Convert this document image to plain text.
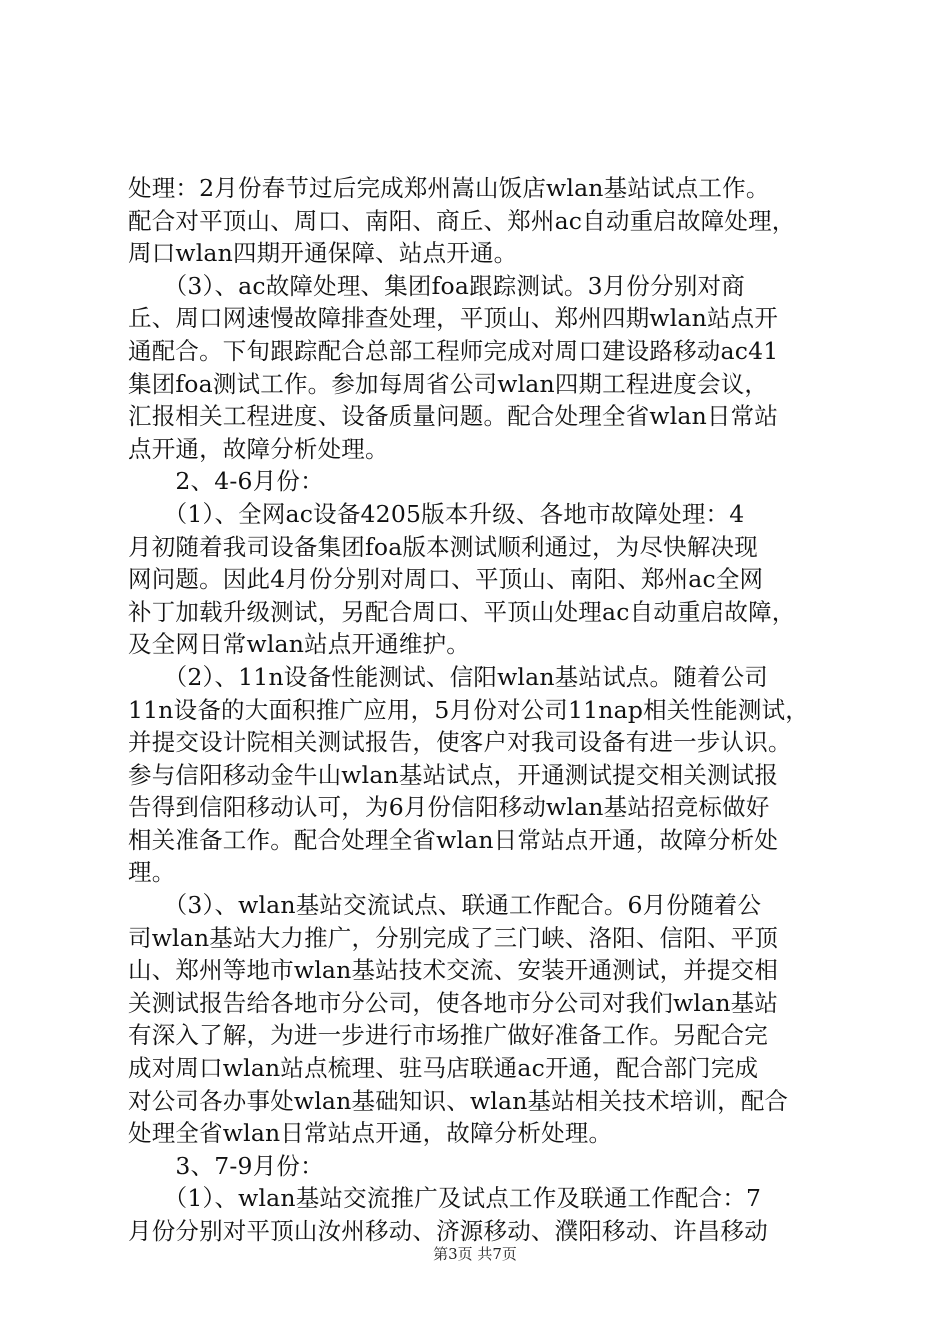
处理：2月份春节过后完成郑州嵩山饭店wlan基站试点工作。
配合对平顶山、周口、南阳、商丘、郑州ac自动重启故障处理，
周口wlan四期开通保障、站点开通。
　　（3）、ac故障处理、集团foa跟踪测试。3月份分别对商
丘、周口网速慢故障排查处理，平顶山、郑州四期wlan站点开
通配合。下旬跟踪配合总部工程师完成对周口建设路移动ac41
集团foa测试工作。参加每周省公司wlan四期工程进度会议，
汇报相关工程进度、设备质量问题。配合处理全省wlan日常站
点开通，故障分析处理。
　　2、4-6月份：
　　（1）、全网ac设备4205版本升级、各地市故障处理：4
月初随着我司设备集团foa版本测试顺利通过，为尽快解决现
网问题。因此4月份分别对周口、平顶山、南阳、郑州ac全网
补丁加载升级测试，另配合周口、平顶山处理ac自动重启故障，
及全网日常wlan站点开通维护。
　　（2）、11n设备性能测试、信阳wlan基站试点。随着公司
11n设备的大面积推广应用，5月份对公司11nap相关性能测试，
并提交设计院相关测试报告，使客户对我司设备有进一步认识。
参与信阳移动金牛山wlan基站试点，开通测试提交相关测试报
告得到信阳移动认可，为6月份信阳移动wlan基站招竞标做好
相关准备工作。配合处理全省wlan日常站点开通，故障分析处
理。
　　（3）、wlan基站交流试点、联通工作配合。6月份随着公
司wlan基站大力推广，分别完成了三门峡、洛阳、信阳、平顶
山、郑州等地市wlan基站技术交流、安装开通测试，并提交相
关测试报告给各地市分公司，使各地市分公司对我们wlan基站
有深入了解，为进一步进行市场推广做好准备工作。另配合完
成对周口wlan站点梳理、驻马店联通ac开通，配合部门完成
对公司各办事处wlan基础知识、wlan基站相关技术培训，配合
处理全省wlan日常站点开通，故障分析处理。
　　3、7-9月份：
　　（1）、wlan基站交流推广及试点工作及联通工作配合：7
月份分别对平顶山汝州移动、济源移动、濮阳移动、许昌移动
第3页 共7页
